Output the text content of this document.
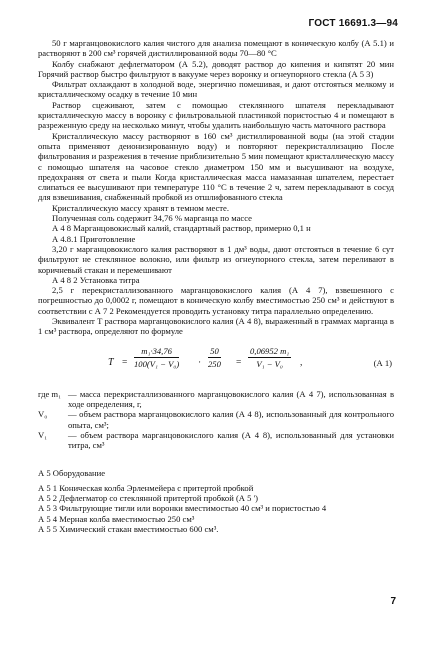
ГОСТ 16691.3—94

50 г марганцовокислого калия чистого для анализа помещают в коническую колбу (А 5.1) и растворяют в 200 см³ горячей дистиллированной воды 70—80 °С

Колбу снабжают дефлегматором (А 5.2), доводят раствор до кипения и кипятят 20 мин Горячий раствор быстро фильтруют в вакууме через воронку и огнеупорного стекла (А 5 3)

Фильтрат охлаждают в холодной воде, энергично помешивая, и дают отстояться мелкому и кристаллическому осадку в течение 10 мин

Раствор сцеживают, затем с помощью стеклянного шпателя перекладывают кристаллическую массу в воронку с фильтровальной пластинкой пористостью 4 и помещают в разреженную среду на несколько минут, чтобы удалить наибольшую часть маточного раствора

Кристаллическую массу растворяют в 160 см³ дистиллированной воды (на этой стадии опыта применяют деионизированную воду) и повторяют перекристаллизацию После фильтрования и разрежения в течение приблизительно 5 мин помещают кристаллическую массу с помощью шпателя на часовое стекло диаметром 150 мм и высушивают на воздухе, предохраняя от света и пыли Когда кристаллическая масса намазанная шпателем, перестает слипаться ее высушивают при температуре 110 °С в течение 2 ч, затем перекладывают в сосуд для взвешивания, снабженный пробкой из отшлифованного стекла

Кристаллическую массу хранят в темном месте.

Полученная соль содержит 34,76 % марганца по массе

А 4 8 Марганцовокислый калий, стандартный раствор, примерно 0,1 н

А 4.8.1 Приготовление

3,20 г марганцовокислого калия растворяют в 1 дм³ воды, дают отстояться в течение 6 сут фильтруют не стеклянное волокно, или фильтр из огнеупорного стекла, затем переливают в коричневый стакан и перемешивают

А 4 8 2 Установка титра

2,5 г перекристаллизованного марганцовокислого калия (А 4 7), взвешенного с погрешностью до 0,0002 г, помещают в коническую колбу вместимостью 250 см³ и действуют в соответствии с А 7 2 Рекомендуется проводить установку титра параллельно определению.

Эквивалент Т раствора марганцовокислого калия (А 4 8), выраженный в граммах марганца в 1 см³ раствора, определяют по формуле

$T = \frac{\text{m₁·34,76}}{\text{100(V₁ − V₀)}} \cdot \frac{50}{250} = \frac{\text{0,06952 m₁}}{\text{V₁ − V₀}}$ ,	(А 1)
где m₁ — масса перекристаллизованного марганцовокислого калия (А 4 7), использованная в ходе определения, г,
V₀	— объем раствора марганцовокислого калия (А 4 8), использованный для контрольного опыта, см³;
V₁	— объем раствора марганцовокислого калия (А 4 8), использованный для установки титра, см³

А 5 Оборудование

А 5 1 Коническая колба Эрленмейера с притертой пробкой

А 5 2 Дефлегматор со стеклянной притертой пробкой (А 5 ')

А 5 3 Фильтрующие тигли или воронки вместимостью 40 см³ и пористостью 4

А 5 4 Мерная колба вместимостью 250 см³

А 5 5 Химический стакан вместимостью 600 см³.

7
